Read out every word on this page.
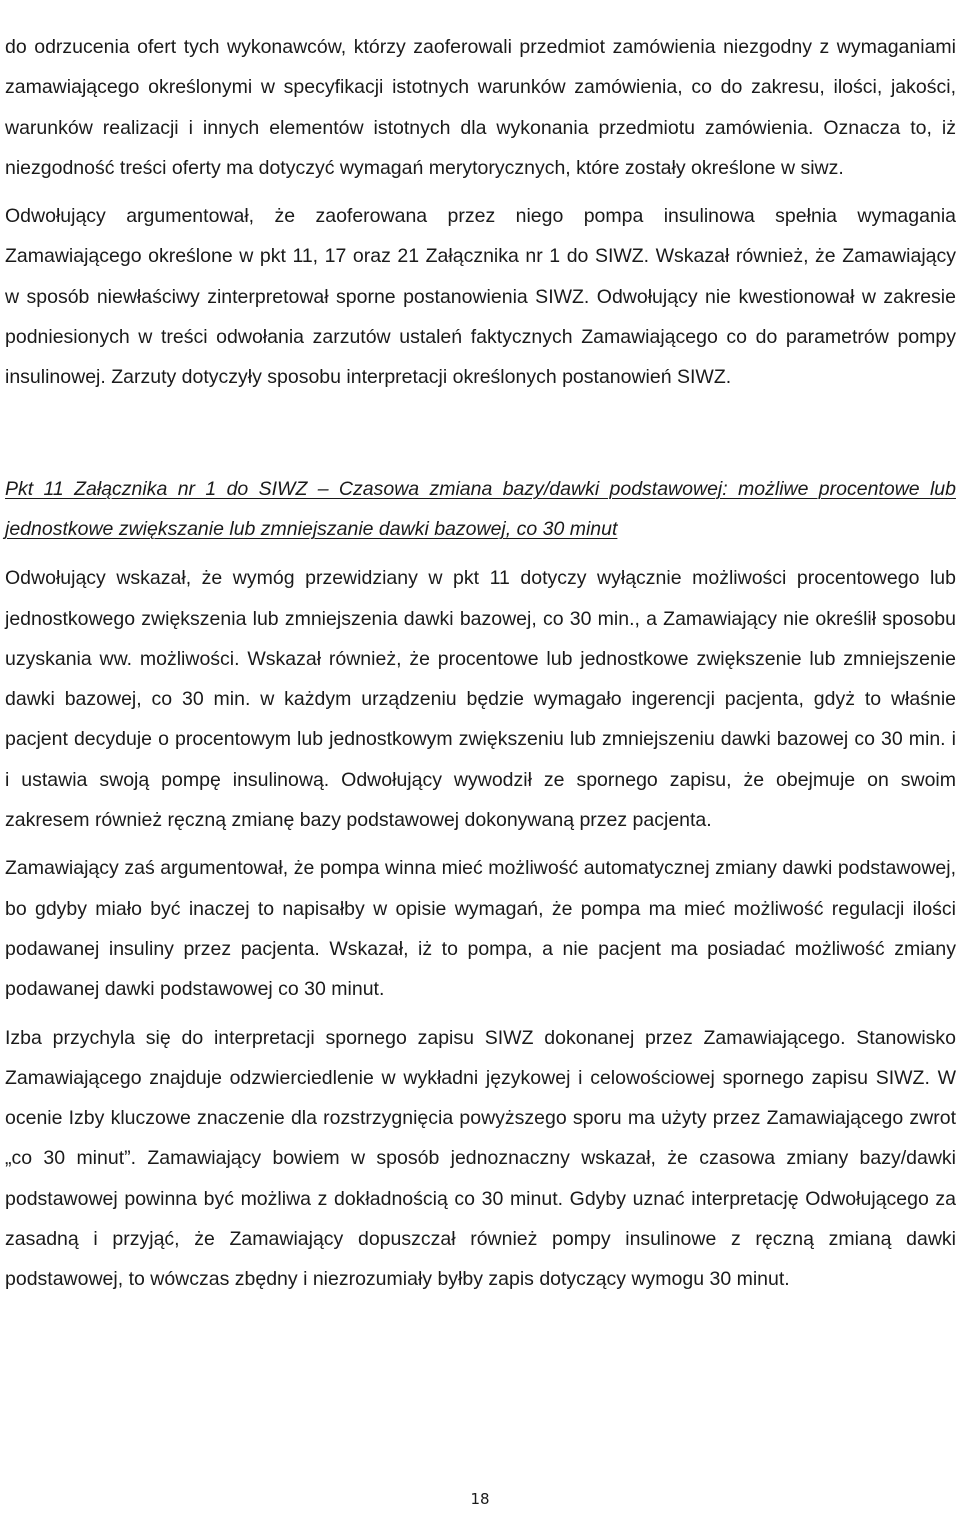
do odrzucenia ofert tych wykonawców, którzy zaoferowali przedmiot zamówienia niezgodny z wymaganiami zamawiającego określonymi w specyfikacji istotnych warunków zamówienia, co do zakresu, ilości, jakości, warunków realizacji i innych elementów istotnych dla wykonania przedmiotu zamówienia. Oznacza to, iż niezgodność treści oferty ma dotyczyć wymagań merytorycznych, które zostały określone w siwz.

Odwołujący argumentował, że zaoferowana przez niego pompa insulinowa spełnia wymagania Zamawiającego określone w pkt 11, 17 oraz 21 Załącznika nr 1 do SIWZ. Wskazał również, że Zamawiający w sposób niewłaściwy zinterpretował sporne postanowienia SIWZ. Odwołujący nie kwestionował w zakresie podniesionych w treści odwołania zarzutów ustaleń faktycznych Zamawiającego co do parametrów pompy insulinowej. Zarzuty dotyczyły sposobu interpretacji określonych postanowień SIWZ.

Pkt 11 Załącznika nr 1 do SIWZ – Czasowa zmiana bazy/dawki podstawowej: możliwe procentowe lub jednostkowe zwiększanie lub zmniejszanie dawki bazowej, co 30 minut

Odwołujący wskazał, że wymóg przewidziany w pkt 11 dotyczy wyłącznie możliwości procentowego lub jednostkowego zwiększenia lub zmniejszenia dawki bazowej, co 30 min., a Zamawiający nie określił sposobu uzyskania ww. możliwości. Wskazał również, że procentowe lub jednostkowe zwiększenie lub zmniejszenie dawki bazowej, co 30 min. w każdym urządzeniu będzie wymagało ingerencji pacjenta, gdyż to właśnie pacjent decyduje o procentowym lub jednostkowym zwiększeniu lub zmniejszeniu dawki bazowej co 30 min. i i ustawia swoją pompę insulinową. Odwołujący wywodził ze spornego zapisu, że obejmuje on swoim zakresem również ręczną zmianę bazy podstawowej dokonywaną przez pacjenta.

Zamawiający zaś argumentował, że pompa winna mieć możliwość automatycznej zmiany dawki podstawowej, bo gdyby miało być inaczej to napisałby w opisie wymagań, że pompa ma mieć możliwość regulacji ilości podawanej insuliny przez pacjenta. Wskazał, iż to pompa, a nie pacjent ma posiadać możliwość zmiany podawanej dawki podstawowej co 30 minut.

Izba przychyla się do interpretacji spornego zapisu SIWZ dokonanej przez Zamawiającego. Stanowisko Zamawiającego znajduje odzwierciedlenie w wykładni językowej i celowościowej spornego zapisu SIWZ. W ocenie Izby kluczowe znaczenie dla rozstrzygnięcia powyższego sporu ma użyty przez Zamawiającego zwrot „co 30 minut”. Zamawiający bowiem w sposób jednoznaczny wskazał, że czasowa zmiany bazy/dawki podstawowej powinna być możliwa z dokładnością co 30 minut. Gdyby uznać interpretację Odwołującego za zasadną i przyjąć, że Zamawiający dopuszczał również pompy insulinowe z ręczną zmianą dawki podstawowej, to wówczas zbędny i niezrozumiały byłby zapis dotyczący wymogu 30 minut.

18
